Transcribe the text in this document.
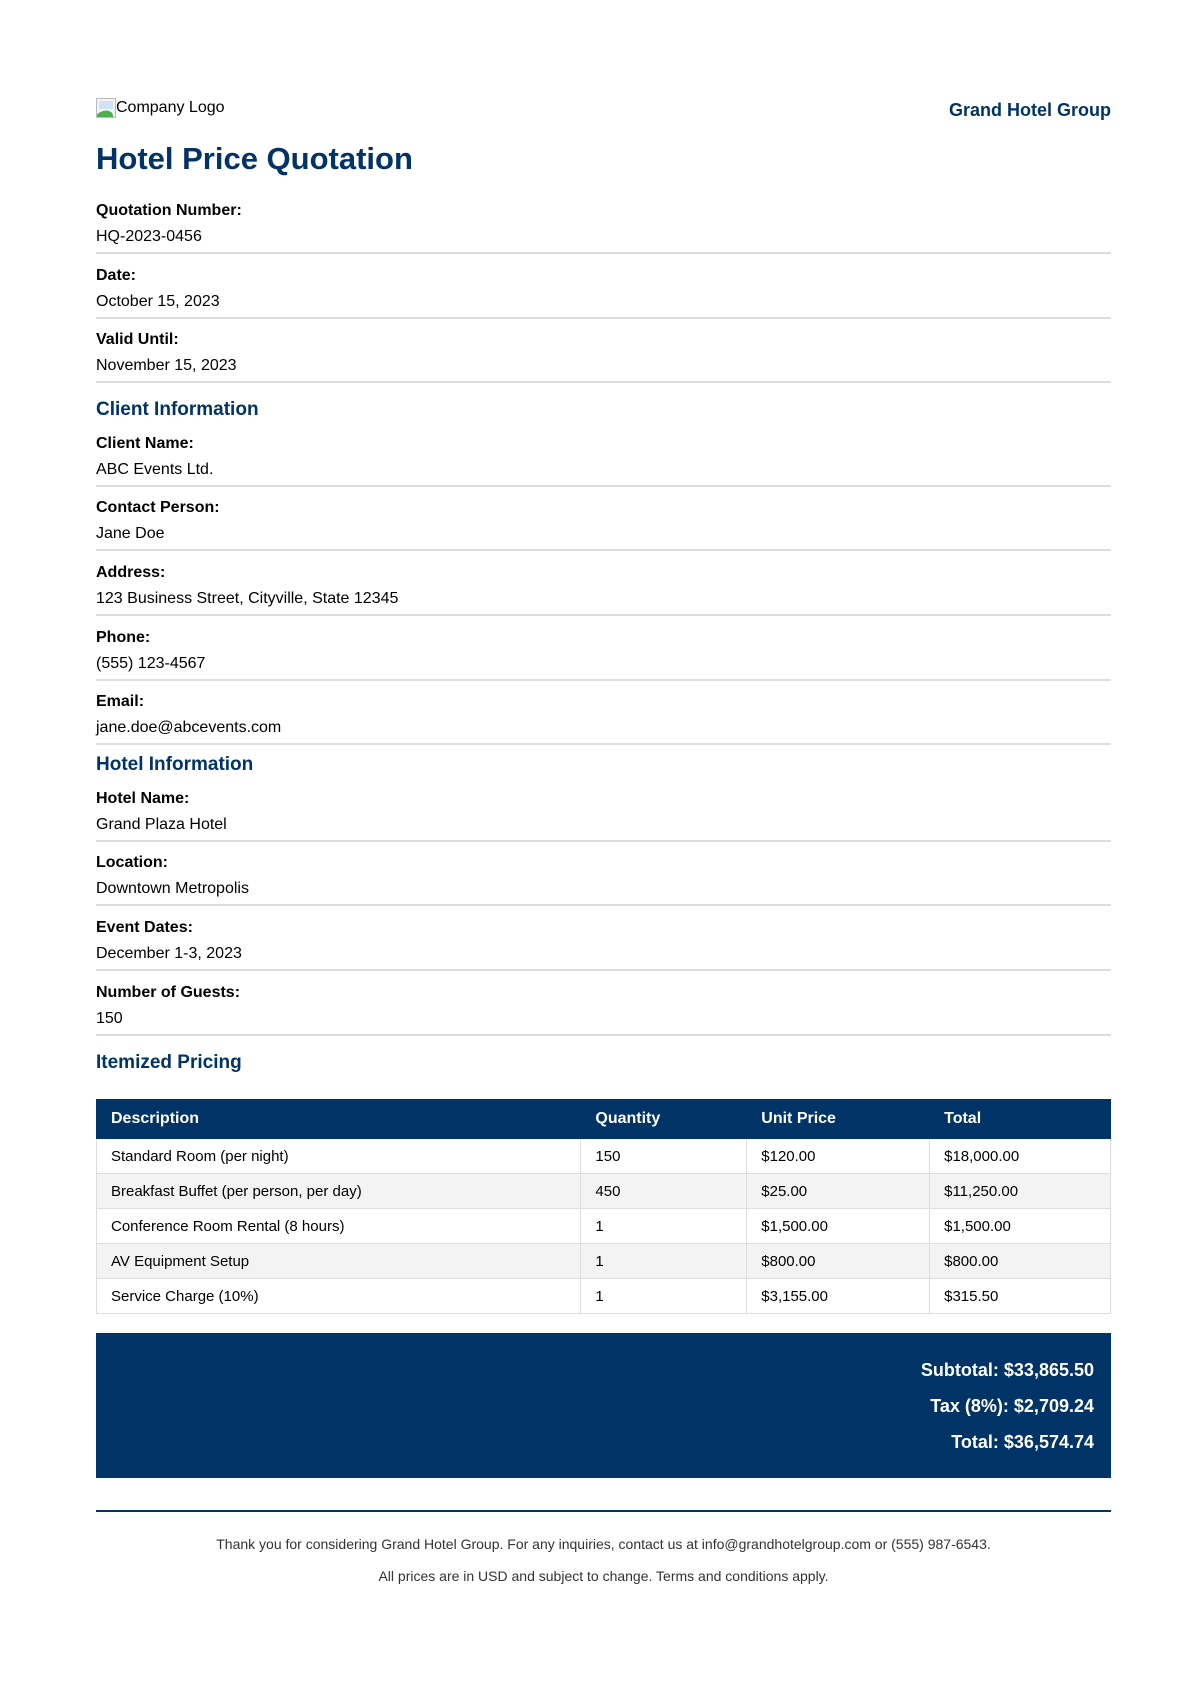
Company Logo	Grand Hotel Group
Hotel Price Quotation
Quotation Number:
HQ-2023-0456
Date:
October 15, 2023
Valid Until:
November 15, 2023
Client Information
Client Name:
ABC Events Ltd.
Contact Person:
Jane Doe
Address:
123 Business Street, Cityville, State 12345
Phone:
(555) 123-4567
Email:
jane.doe@abcevents.com
Hotel Information
Hotel Name:
Grand Plaza Hotel
Location:
Downtown Metropolis
Event Dates:
December 1-3, 2023
Number of Guests:
150
Itemized Pricing
Description	Quantity	Unit Price	Total
Standard Room (per night)	150	$120.00	$18,000.00
Breakfast Buffet (per person, per day)	450	$25.00	$11,250.00
Conference Room Rental (8 hours)	1	$1,500.00	$1,500.00
AV Equipment Setup	1	$800.00	$800.00
Service Charge (10%)	1	$3,155.00	$315.50
Subtotal: $33,865.50
Tax (8%): $2,709.24
Total: $36,574.74

Thank you for considering Grand Hotel Group. For any inquiries, contact us at info@grandhotelgroup.com or (555) 987-6543.

All prices are in USD and subject to change. Terms and conditions apply.
